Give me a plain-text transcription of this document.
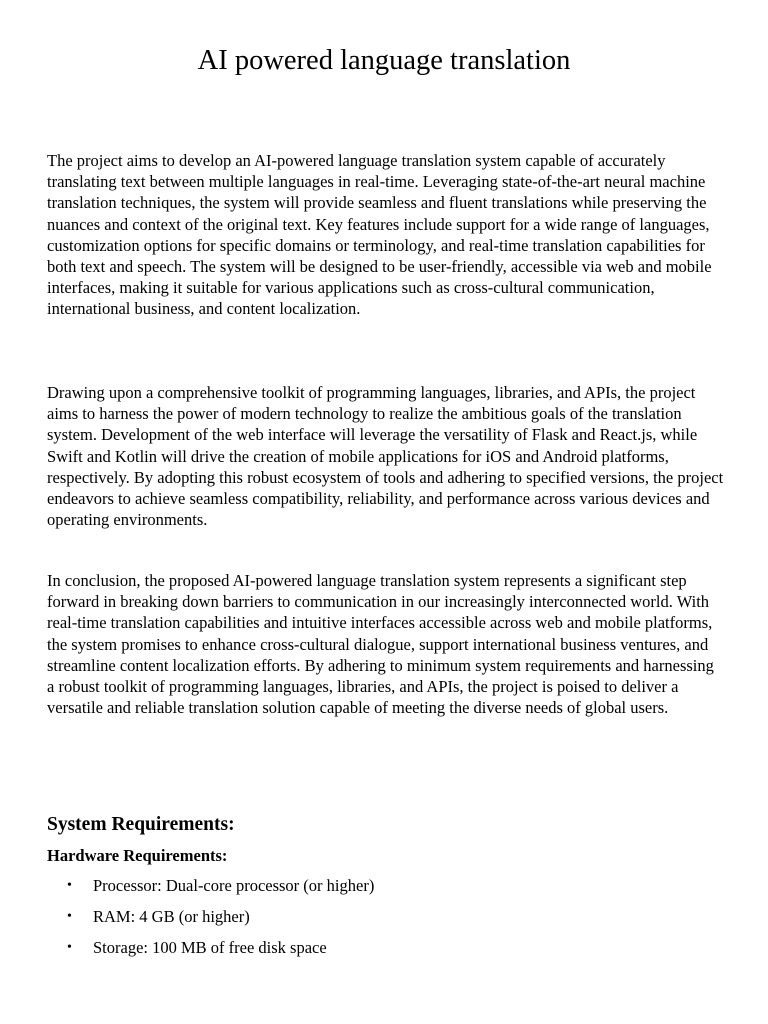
AI powered language translation

The project aims to develop an AI-powered language translation system capable of accurately translating text between multiple languages in real-time. Leveraging state-of-the-art neural machine translation techniques, the system will provide seamless and fluent translations while preserving the nuances and context of the original text. Key features include support for a wide range of languages, customization options for specific domains or terminology, and real-time translation capabilities for both text and speech. The system will be designed to be user-friendly, accessible via web and mobile interfaces, making it suitable for various applications such as cross-cultural communication, international business, and content localization.

Drawing upon a comprehensive toolkit of programming languages, libraries, and APIs, the project aims to harness the power of modern technology to realize the ambitious goals of the translation system. Development of the web interface will leverage the versatility of Flask and React.js, while Swift and Kotlin will drive the creation of mobile applications for iOS and Android platforms, respectively. By adopting this robust ecosystem of tools and adhering to specified versions, the project endeavors to achieve seamless compatibility, reliability, and performance across various devices and operating environments.

In conclusion, the proposed AI-powered language translation system represents a significant step forward in breaking down barriers to communication in our increasingly interconnected world. With real-time translation capabilities and intuitive interfaces accessible across web and mobile platforms, the system promises to enhance cross-cultural dialogue, support international business ventures, and streamline content localization efforts. By adhering to minimum system requirements and harnessing a robust toolkit of programming languages, libraries, and APIs, the project is poised to deliver a versatile and reliable translation solution capable of meeting the diverse needs of global users.

System Requirements:
Hardware Requirements:
• Processor: Dual-core processor (or higher)
• RAM: 4 GB (or higher)
• Storage: 100 MB of free disk space
